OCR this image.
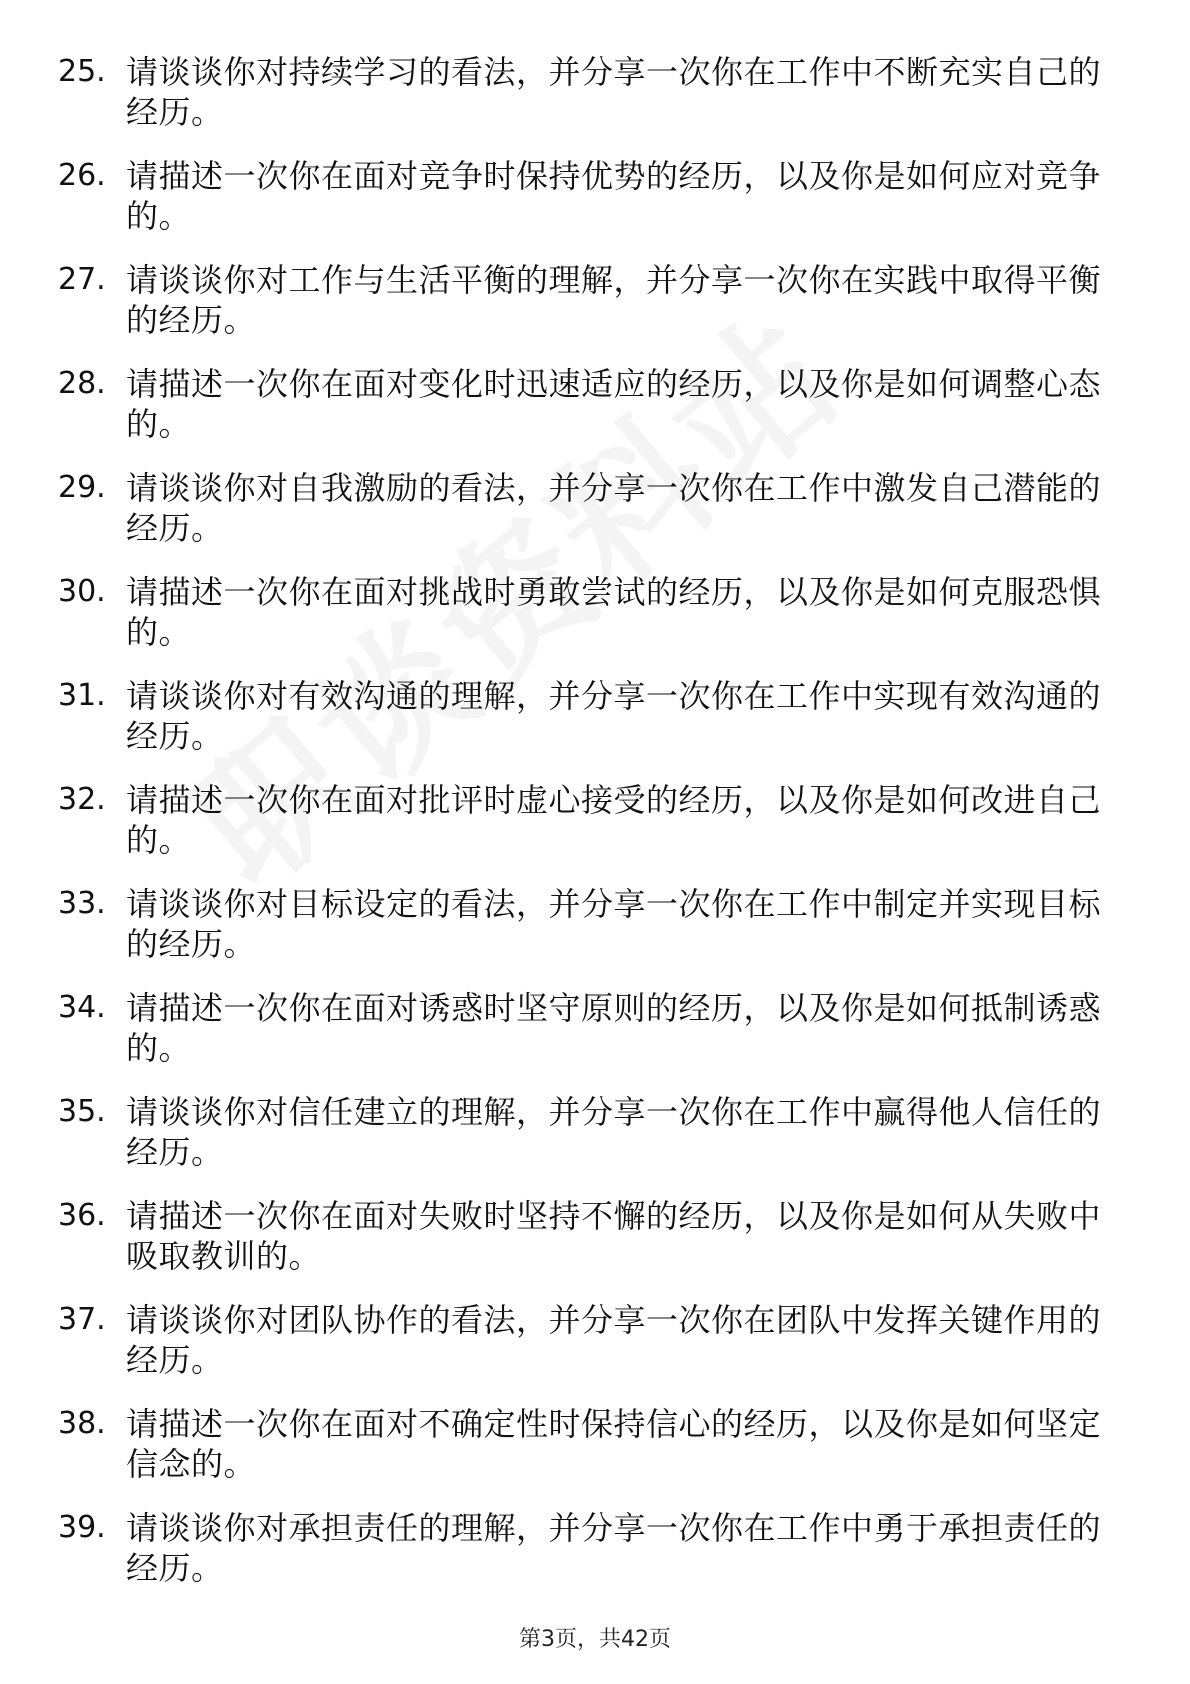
25. 请谈谈你对持续学习的看法，并分享一次你在工作中不断充实自己的经历。
26. 请描述一次你在面对竞争时保持优势的经历，以及你是如何应对竞争的。
27. 请谈谈你对工作与生活平衡的理解，并分享一次你在实践中取得平衡的经历。
28. 请描述一次你在面对变化时迅速适应的经历，以及你是如何调整心态的。
29. 请谈谈你对自我激励的看法，并分享一次你在工作中激发自己潜能的经历。
30. 请描述一次你在面对挑战时勇敢尝试的经历，以及你是如何克服恐惧的。
31. 请谈谈你对有效沟通的理解，并分享一次你在工作中实现有效沟通的经历。
32. 请描述一次你在面对批评时虚心接受的经历，以及你是如何改进自己的。
33. 请谈谈你对目标设定的看法，并分享一次你在工作中制定并实现目标的经历。
34. 请描述一次你在面对诱惑时坚守原则的经历，以及你是如何抵制诱惑的。
35. 请谈谈你对信任建立的理解，并分享一次你在工作中赢得他人信任的经历。
36. 请描述一次你在面对失败时坚持不懈的经历，以及你是如何从失败中吸取教训的。
37. 请谈谈你对团队协作的看法，并分享一次你在团队中发挥关键作用的经历。
38. 请描述一次你在面对不确定性时保持信心的经历，以及你是如何坚定信念的。
39. 请谈谈你对承担责任的理解，并分享一次你在工作中勇于承担责任的经历。
第3页，共42页
